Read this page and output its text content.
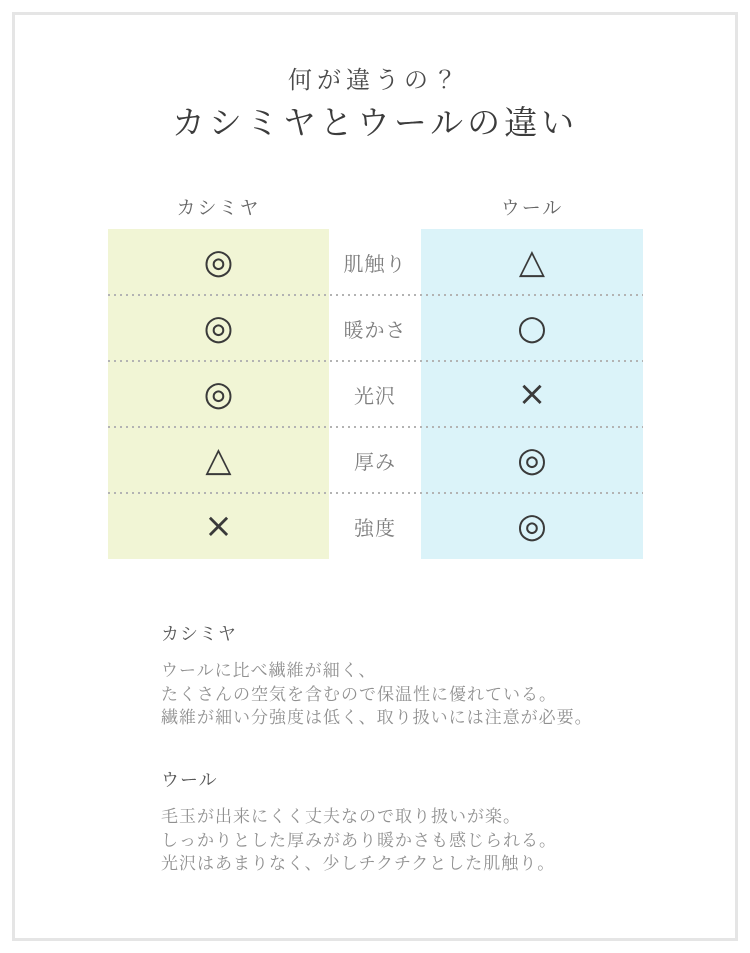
何が違うの？
カシミヤとウールの違い
カシミヤ	ウール
◎	肌触り	△
◎	暖かさ	○
◎	光沢	×
△	厚み	◎
×	強度	◎
カシミヤ
ウールに比べ繊維が細く、
たくさんの空気を含むので保温性に優れている。
繊維が細い分強度は低く、取り扱いには注意が必要。
ウール
毛玉が出来にくく丈夫なので取り扱いが楽。
しっかりとした厚みがあり暖かさも感じられる。
光沢はあまりなく、少しチクチクとした肌触り。
